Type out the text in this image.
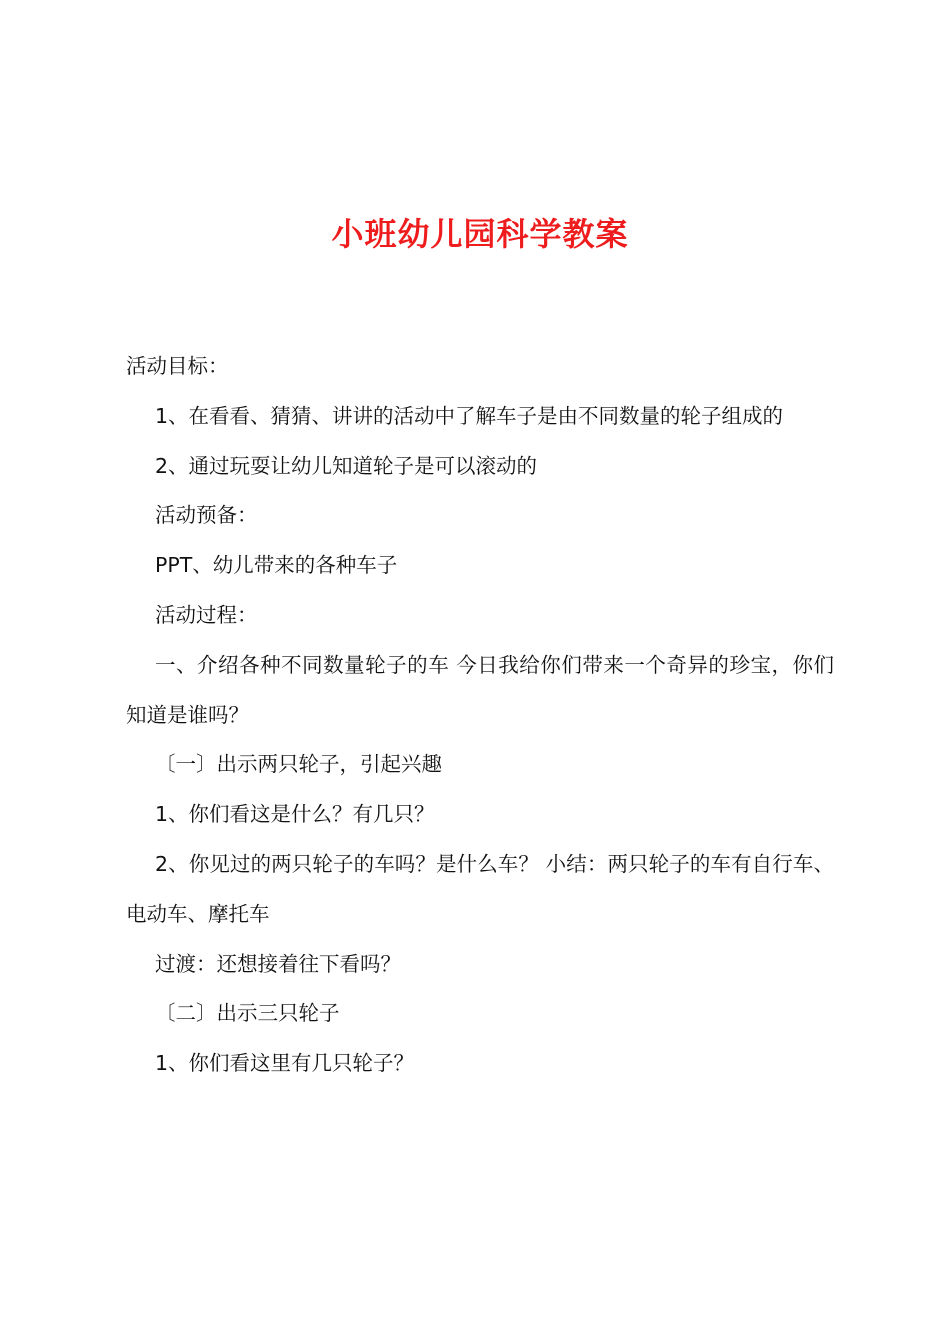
小班幼儿园科学教案

活动目标：

1、在看看、猜猜、讲讲的活动中了解车子是由不同数量的轮子组成的

2、通过玩耍让幼儿知道轮子是可以滚动的

活动预备：

PPT、幼儿带来的各种车子

活动过程：

一、介绍各种不同数量轮子的车 今日我给你们带来一个奇异的珍宝，你们知道是谁吗？

〔一〕出示两只轮子，引起兴趣

1、你们看这是什么？有几只？

2、你见过的两只轮子的车吗？是什么车？ 小结：两只轮子的车有自行车、电动车、摩托车

过渡：还想接着往下看吗？

〔二〕出示三只轮子

1、你们看这里有几只轮子？
